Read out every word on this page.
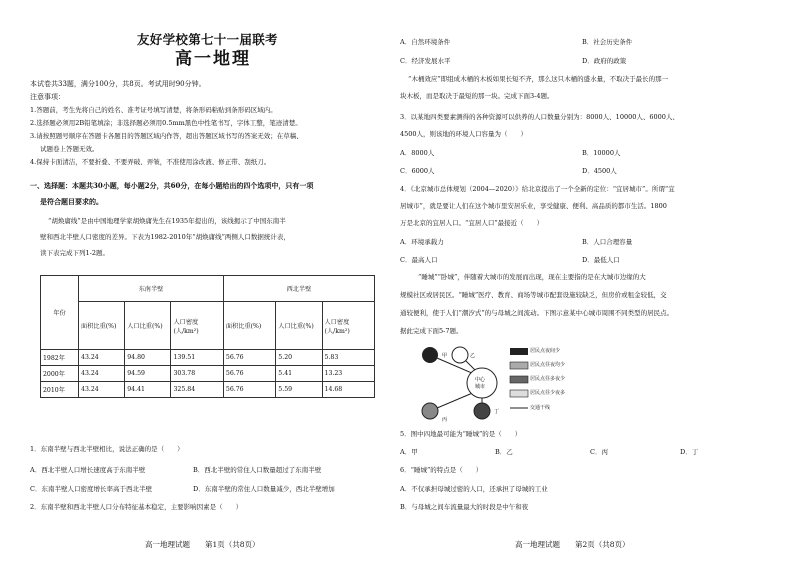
友好学校第七十一届联考
高一地理
本试卷共33题，满分100分，共8页。考试用时90分钟。
注意事项：
1.答题前，考生先将自己的姓名、准考证号填写清楚，将条形码粘贴到条形码区域内。
2.选择题必须用2B铅笔填涂；非选择题必须用0.5mm黑色中性笔书写，字体工整，笔迹清楚。
3.请按照题号顺序在答题卡各题目的答题区域内作答，超出答题区域书写的答案无效；在草稿、
试题卷上答题无效。
4.保持卡面清洁，不要折叠、不要弄破、弄皱，不准使用涂改液、修正带、刮纸刀。
一、选择题：本题共30小题，每小题2分，共60分，在每小题给出的四个选项中，只有一项
是符合题目要求的。
“胡焕庸线”是由中国地理学家胡焕庸先生在1935年提出的，该线揭示了中国东南半
壁和西北半壁人口密度的差异。下表为1982-2010年“胡焕庸线”两侧人口数据统计表，
读下表完成下列1-2题。
年份	东南半壁			西北半壁		
	面积比重(%)	人口比重(%)	人口密度(人/km²)	面积比重(%)	人口比重(%)	人口密度(人/km²)
1982年	43.24	94.80	139.51	56.76	5.20	5.83
2000年	43.24	94.59	303.78	56.76	5.41	13.23
2010年	43.24	94.41	325.84	56.76	5.59	14.68
1．东南半壁与西北半壁相比，说法正确的是（　　）
A．西北半壁人口增长速度高于东南半壁	B．西北半壁的常住人口数量超过了东南半壁
C．东南半壁人口密度增长率高于西北半壁	D．东南半壁的常住人口数量减少，西北半壁增加
2．东南半壁和西北半壁人口分布特征基本稳定，主要影响因素是（　　）
高一地理试题　　第1页（共8页）
A．自然环境条件	B．社会历史条件
C．经济发展水平	D．政府的政策
“木桶效应”即组成木桶的木板如果长短不齐，那么这只木桶的盛水量，不取决于最长的那一
块木板，而是取决于最短的那一块。完成下面3-4题。
3．以某地四类要素测得的各种资源可以供养的人口数量分别为：8000人、10000人、6000人、
4500人，则该地的环境人口容量为（　　）
A．8000人	B．10000人
C．6000人	D．4500人
4．《北京城市总体规划（2004—2020）》给北京提出了一个全新的定位：“宜居城市”。所谓“宜
居城市”，就是要让人们在这个城市里安居乐业，享受健康、便利、高品质的都市生活。1800
万是北京的宜居人口。“宜居人口”最接近（　　）
A．环境承载力	B．人口合理容量
C．最高人口	D．最低人口
“睡城”“卧城”，伴随着大城市的发展而出现，现在主要指的是在大城市边缘的大
规模社区或居民区。“睡城”医疗、教育、商场等城市配套设施较缺乏，但房价或租金较低，交
通较便利，使于人们“潮汐式”的与母城之间流动。下图示意某中心城市周围不同类型的居民点。
据此完成下面5-7题。
中心
城市
甲	乙
丙
丁
居民点夜间少
居民点昼夜均少
居民点昼多夜少
居民点昼少夜多
交通干线
5．图中四地最可能为“睡城”的是（　　）
A．甲	B．乙	C．丙	D．丁
6．“睡城”的特点是（　　）
A．不仅承担母城过密的人口，还承担了母城的工业
B．与母城之间车流量最大的时段是中午和夜
高一地理试题　　第2页（共8页）
